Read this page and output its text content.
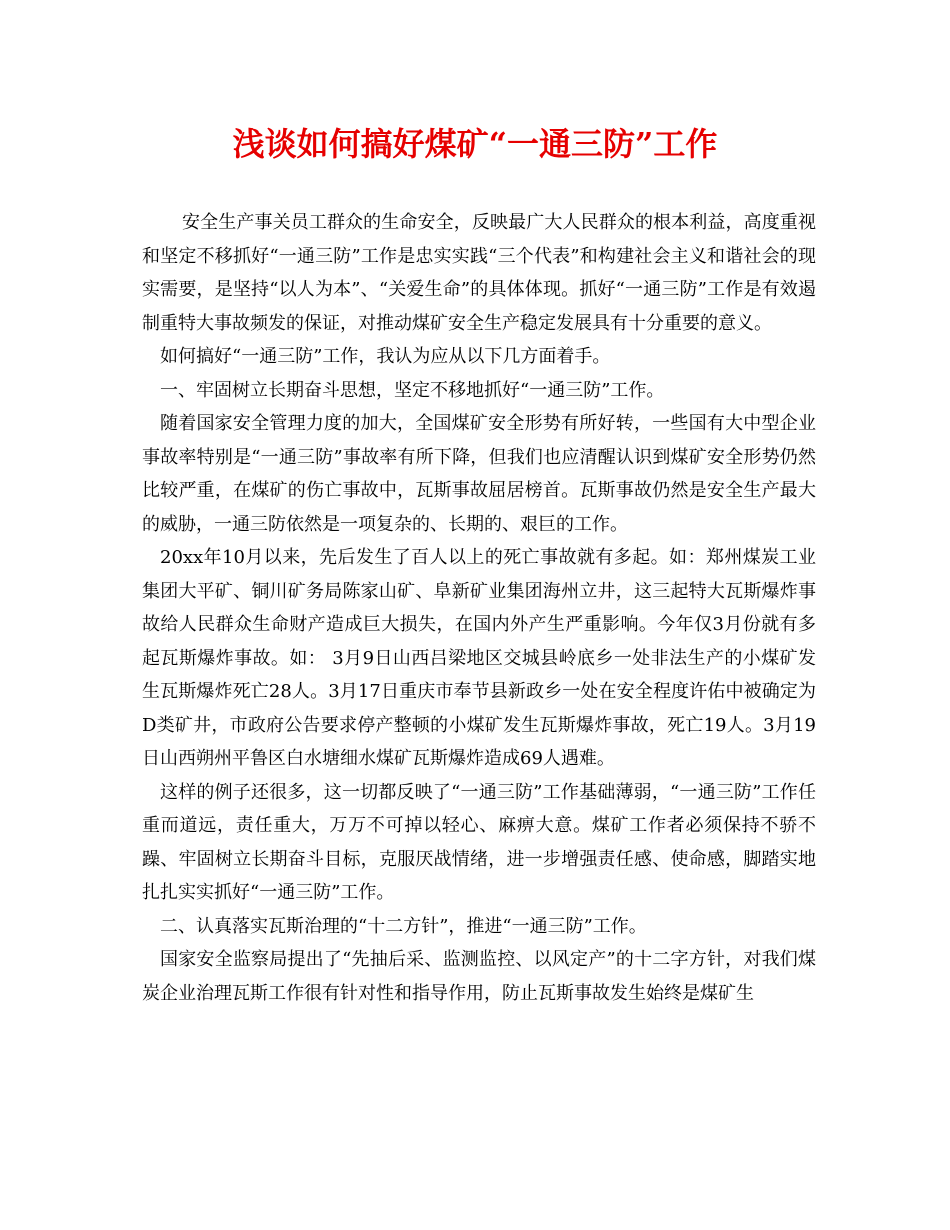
浅谈如何搞好煤矿“一通三防”工作

安全生产事关员工群众的生命安全，反映最广大人民群众的根本利益，高度重视和坚定不移抓好“一通三防”工作是忠实实践“三个代表”和构建社会主义和谐社会的现实需要，是坚持“以人为本”、“关爱生命”的具体体现。抓好“一通三防”工作是有效遏制重特大事故频发的保证，对推动煤矿安全生产稳定发展具有十分重要的意义。

如何搞好“一通三防”工作，我认为应从以下几方面着手。

一、牢固树立长期奋斗思想，坚定不移地抓好“一通三防”工作。

随着国家安全管理力度的加大，全国煤矿安全形势有所好转，一些国有大中型企业事故率特别是“一通三防”事故率有所下降，但我们也应清醒认识到煤矿安全形势仍然比较严重，在煤矿的伤亡事故中，瓦斯事故屈居榜首。瓦斯事故仍然是安全生产最大的威胁，一通三防依然是一项复杂的、长期的、艰巨的工作。

20xx年10月以来，先后发生了百人以上的死亡事故就有多起。如：郑州煤炭工业集团大平矿、铜川矿务局陈家山矿、阜新矿业集团海州立井，这三起特大瓦斯爆炸事故给人民群众生命财产造成巨大损失，在国内外产生严重影响。今年仅3月份就有多起瓦斯爆炸事故。如： 3月9日山西吕梁地区交城县岭底乡一处非法生产的小煤矿发生瓦斯爆炸死亡28人。3月17日重庆市奉节县新政乡一处在安全程度许佑中被确定为D类矿井，市政府公告要求停产整顿的小煤矿发生瓦斯爆炸事故，死亡19人。3月19日山西朔州平鲁区白水塘细水煤矿瓦斯爆炸造成69人遇难。

这样的例子还很多，这一切都反映了“一通三防”工作基础薄弱，“一通三防”工作任重而道远，责任重大，万万不可掉以轻心、麻痹大意。煤矿工作者必须保持不骄不躁、牢固树立长期奋斗目标，克服厌战情绪，进一步增强责任感、使命感，脚踏实地扎扎实实抓好“一通三防”工作。

二、认真落实瓦斯治理的“十二方针”，推进“一通三防”工作。

国家安全监察局提出了“先抽后采、监测监控、以风定产”的十二字方针，对我们煤炭企业治理瓦斯工作很有针对性和指导作用，防止瓦斯事故发生始终是煤矿生
